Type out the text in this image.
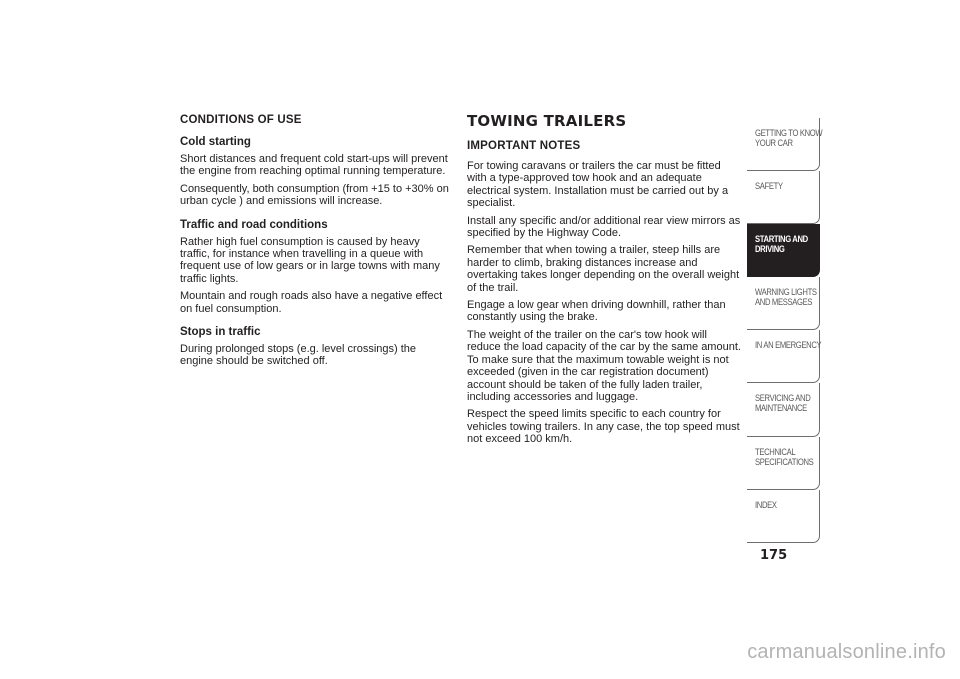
CONDITIONS OF USE
Cold starting

Short distances and frequent cold start-ups will prevent the engine from reaching optimal running temperature.

Consequently, both consumption (from +15 to +30% on urban cycle ) and emissions will increase.

Traffic and road conditions

Rather high fuel consumption is caused by heavy traffic, for instance when travelling in a queue with frequent use of low gears or in large towns with many traffic lights.

Mountain and rough roads also have a negative effect on fuel consumption.

Stops in traffic

During prolonged stops (e.g. level crossings) the engine should be switched off.

TOWING TRAILERS
IMPORTANT NOTES

For towing caravans or trailers the car must be fitted with a type-approved tow hook and an adequate electrical system. Installation must be carried out by a specialist.

Install any specific and/or additional rear view mirrors as specified by the Highway Code.

Remember that when towing a trailer, steep hills are harder to climb, braking distances increase and overtaking takes longer depending on the overall weight of the trail.

Engage a low gear when driving downhill, rather than constantly using the brake.

The weight of the trailer on the car's tow hook will reduce the load capacity of the car by the same amount. To make sure that the maximum towable weight is not exceeded (given in the car registration document) account should be taken of the fully laden trailer, including accessories and luggage.

Respect the speed limits specific to each country for vehicles towing trailers. In any case, the top speed must not exceed 100 km/h.

GETTING TO KNOW
YOUR CAR
SAFETY
STARTING AND
DRIVING
WARNING LIGHTS
AND MESSAGES
IN AN EMERGENCY
SERVICING AND
MAINTENANCE
TECHNICAL
SPECIFICATIONS
INDEX
175
carmanualsonline.info
